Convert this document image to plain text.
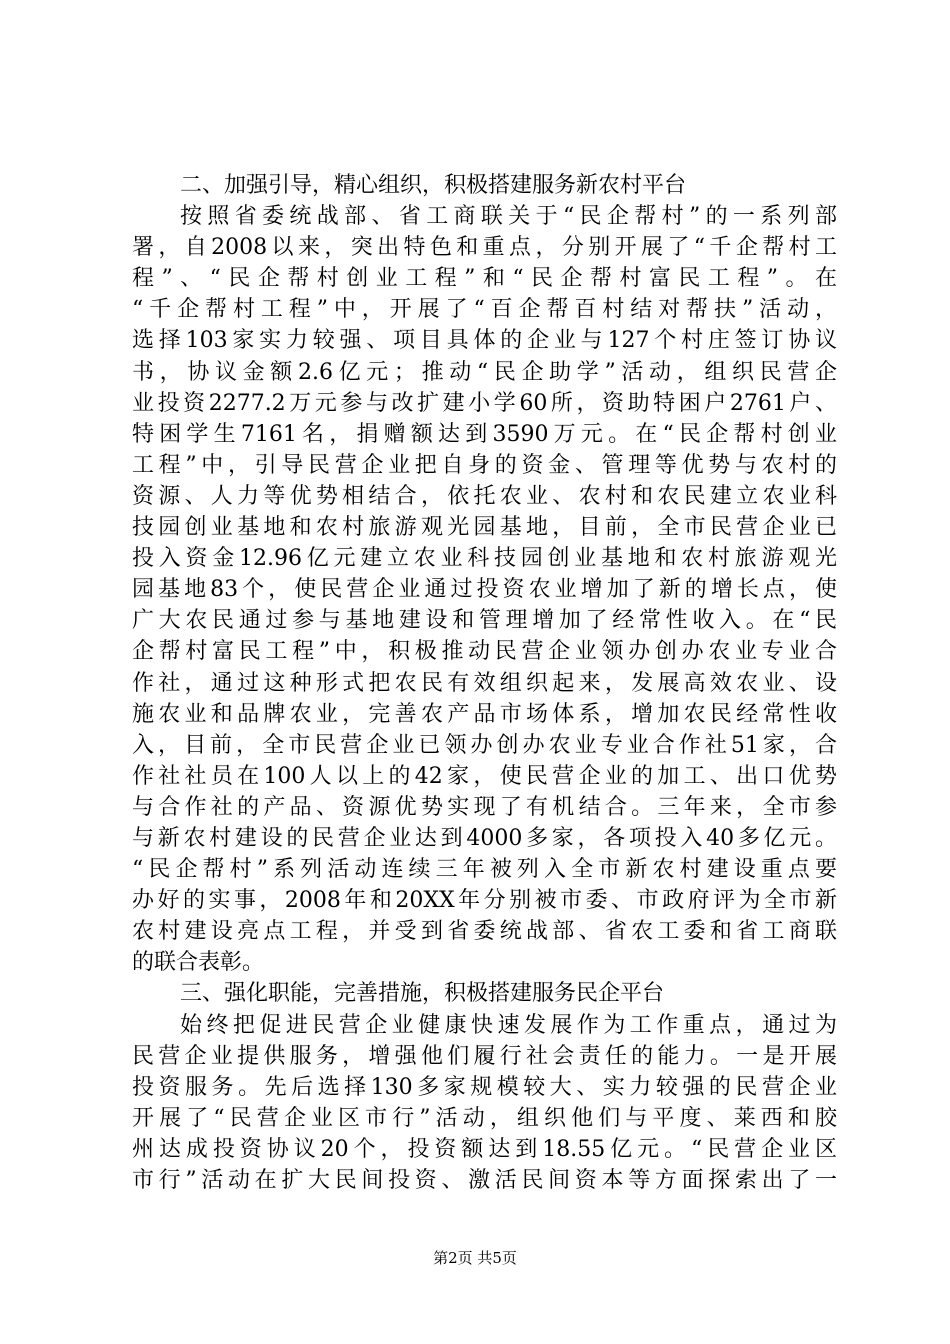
二、加强引导，精心组织，积极搭建服务新农村平台
按照省委统战部、省工商联关于“民企帮村”的一系列部
署，自2008以来，突出特色和重点，分别开展了“千企帮村工
程”、“民企帮村创业工程”和“民企帮村富民工程”。在
“千企帮村工程”中，开展了“百企帮百村结对帮扶”活动，
选择103家实力较强、项目具体的企业与127个村庄签订协议
书，协议金额2.6亿元；推动“民企助学”活动，组织民营企
业投资2277.2万元参与改扩建小学60所，资助特困户2761户、
特困学生7161名，捐赠额达到3590万元。在“民企帮村创业
工程”中，引导民营企业把自身的资金、管理等优势与农村的
资源、人力等优势相结合，依托农业、农村和农民建立农业科
技园创业基地和农村旅游观光园基地，目前，全市民营企业已
投入资金12.96亿元建立农业科技园创业基地和农村旅游观光
园基地83个，使民营企业通过投资农业增加了新的增长点，使
广大农民通过参与基地建设和管理增加了经常性收入。在“民
企帮村富民工程”中，积极推动民营企业领办创办农业专业合
作社，通过这种形式把农民有效组织起来，发展高效农业、设
施农业和品牌农业，完善农产品市场体系，增加农民经常性收
入，目前，全市民营企业已领办创办农业专业合作社51家，合
作社社员在100人以上的42家，使民营企业的加工、出口优势
与合作社的产品、资源优势实现了有机结合。三年来，全市参
与新农村建设的民营企业达到4000多家，各项投入40多亿元。
“民企帮村”系列活动连续三年被列入全市新农村建设重点要
办好的实事，2008年和20XX年分别被市委、市政府评为全市新
农村建设亮点工程，并受到省委统战部、省农工委和省工商联
的联合表彰。
三、强化职能，完善措施，积极搭建服务民企平台
始终把促进民营企业健康快速发展作为工作重点，通过为
民营企业提供服务，增强他们履行社会责任的能力。一是开展
投资服务。先后选择130多家规模较大、实力较强的民营企业
开展了“民营企业区市行”活动，组织他们与平度、莱西和胶
州达成投资协议20个，投资额达到18.55亿元。“民营企业区
市行”活动在扩大民间投资、激活民间资本等方面探索出了一
第2页 共5页
